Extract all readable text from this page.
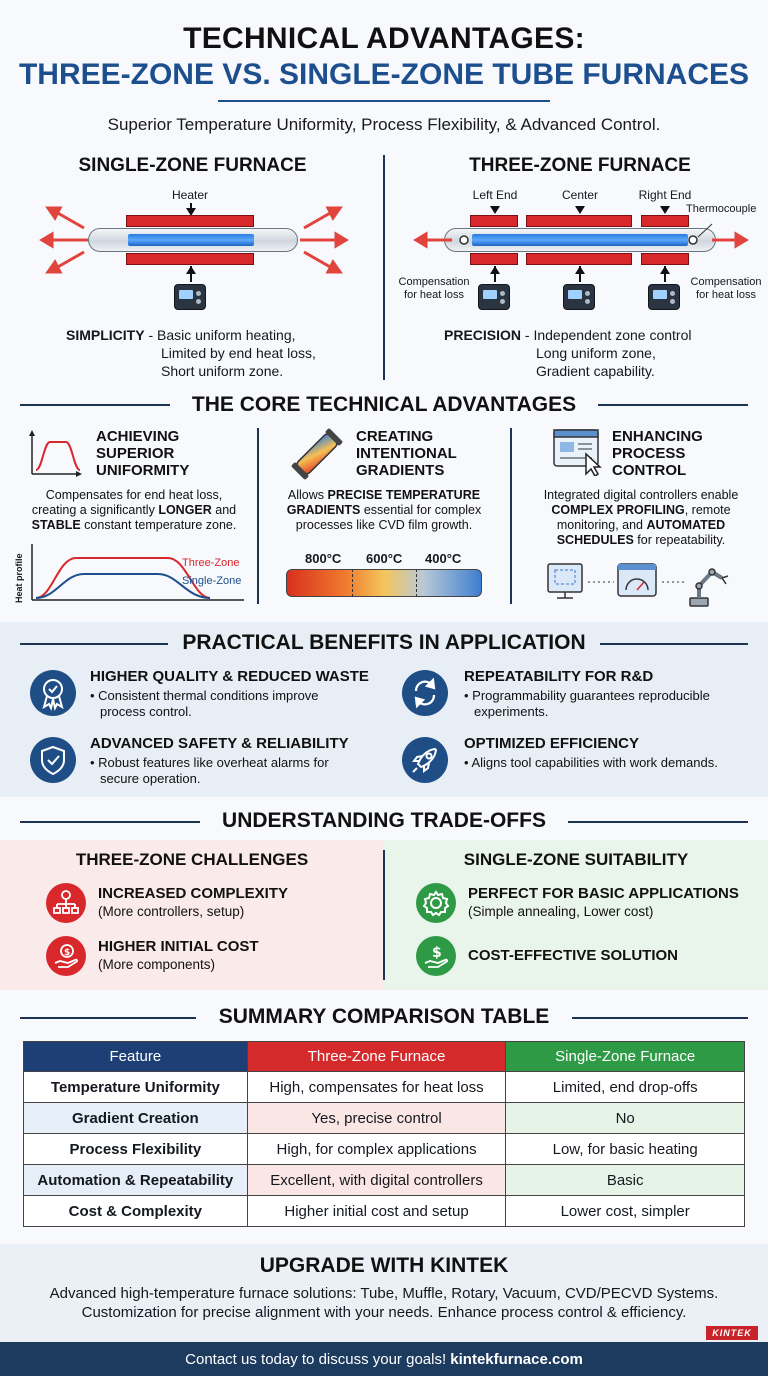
TECHNICAL ADVANTAGES:
THREE-ZONE VS. SINGLE-ZONE TUBE FURNACES
Superior Temperature Uniformity, Process Flexibility, & Advanced Control.
SINGLE-ZONE FURNACE	THREE-ZONE FURNACE
Heater
SIMPLICITY - Basic uniform heating,
Limited by end heat loss,
Short uniform zone.
Left End	Center	Right End
Thermocouple
Compensation
for heat loss
Compensation
for heat loss
PRECISION - Independent zone control
Long uniform zone,
Gradient capability.
THE CORE TECHNICAL ADVANTAGES
ACHIEVING
SUPERIOR
UNIFORMITY
Compensates for end heat loss,
creating a significantly LONGER and
STABLE constant temperature zone.
Heat profile	Three-Zone
Single-Zone
CREATING
INTENTIONAL
GRADIENTS
Allows PRECISE TEMPERATURE
GRADIENTS essential for complex
processes like CVD film growth.
800°C 600°C 400°C
ENHANCING
PROCESS
CONTROL
Integrated digital controllers enable
COMPLEX PROFILING, remote
monitoring, and AUTOMATED
SCHEDULES for repeatability.
PRACTICAL BENEFITS IN APPLICATION
HIGHER QUALITY & REDUCED WASTE
• Consistent thermal conditions improve
process control.
REPEATABILITY FOR R&D
• Programmability guarantees reproducible
experiments.
ADVANCED SAFETY & RELIABILITY
• Robust features like overheat alarms for
secure operation.
OPTIMIZED EFFICIENCY
• Aligns tool capabilities with work demands.
UNDERSTANDING TRADE-OFFS
THREE-ZONE CHALLENGES	SINGLE-ZONE SUITABILITY
INCREASED COMPLEXITY
(More controllers, setup)
$ HIGHER INITIAL COST
(More components)
PERFECT FOR BASIC APPLICATIONS
(Simple annealing, Lower cost)
$ COST-EFFECTIVE SOLUTION
SUMMARY COMPARISON TABLE
Feature	Three-Zone Furnace	Single-Zone Furnace
Temperature Uniformity	High, compensates for heat loss	Limited, end drop-offs
Gradient Creation	Yes, precise control	No
Process Flexibility	High, for complex applications	Low, for basic heating
Automation & Repeatability	Excellent, with digital controllers	Basic
Cost & Complexity	Higher initial cost and setup	Lower cost, simpler
UPGRADE WITH KINTEK
Advanced high-temperature furnace solutions: Tube, Muffle, Rotary, Vacuum, CVD/PECVD Systems.
Customization for precise alignment with your needs. Enhance process control & efficiency.
KINTEK
Contact us today to discuss your goals! kintekfurnace.com
